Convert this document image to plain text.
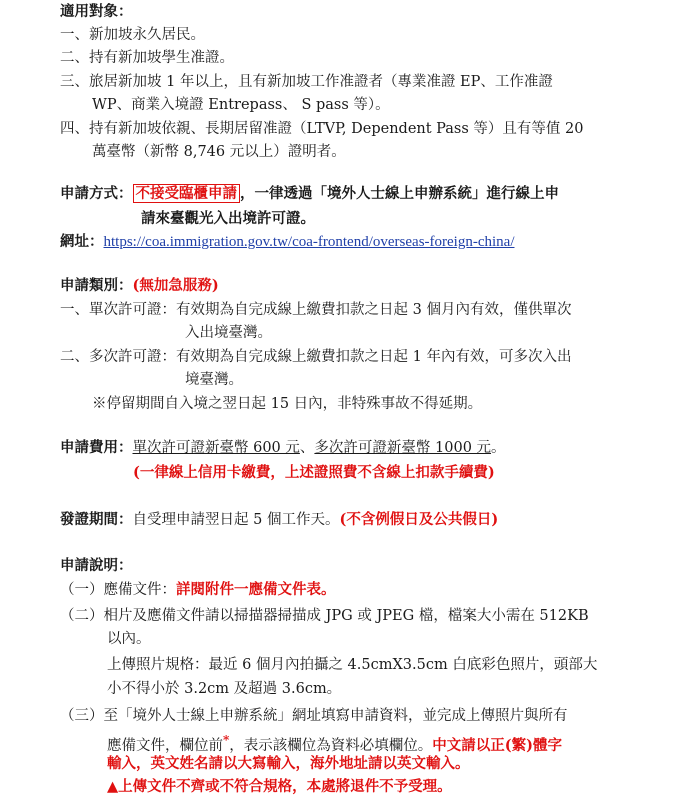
適用對象：
一、新加坡永久居民。
二、持有新加坡學生准證。
三、旅居新加坡 1 年以上，且有新加坡工作准證者（專業准證 EP、工作准證
WP、商業入境證 Entrepass、 S pass 等）。
四、持有新加坡依親、長期居留准證（LTVP, Dependent Pass 等）且有等值 20
萬臺幣（新幣 8,746 元以上）證明者。
申請方式： 不接受臨櫃申請 ，一律透過「境外人士線上申辦系統」進行線上申
請來臺觀光入出境許可證。
網址：https://coa.immigration.gov.tw/coa-frontend/overseas-foreign-china/
申請類別：(無加急服務)
一、單次許可證：有效期為自完成線上繳費扣款之日起 3 個月內有效，僅供單次
入出境臺灣。
二、多次許可證：有效期為自完成線上繳費扣款之日起 1 年內有效，可多次入出
境臺灣。
※停留期間自入境之翌日起 15 日內，非特殊事故不得延期。
申請費用：單次許可證新臺幣 600 元、多次許可證新臺幣 1000 元。
(一律線上信用卡繳費，上述證照費不含線上扣款手續費)
發證期間：自受理申請翌日起 5 個工作天。(不含例假日及公共假日)
申請說明：
（一）應備文件：詳閱附件一應備文件表。
（二）相片及應備文件請以掃描器掃描成 JPG 或 JPEG 檔，檔案大小需在 512KB
以內。
上傳照片規格：最近 6 個月內拍攝之 4.5cmX3.5cm 白底彩色照片，頭部大
小不得小於 3.2cm 及超過 3.6cm。
（三）至「境外人士線上申辦系統」網址填寫申請資料，並完成上傳照片與所有
應備文件，欄位前*，表示該欄位為資料必填欄位。中文請以正(繁)體字
輸入，英文姓名請以大寫輸入，海外地址請以英文輸入。
▲上傳文件不齊或不符合規格，本處將退件不予受理。
